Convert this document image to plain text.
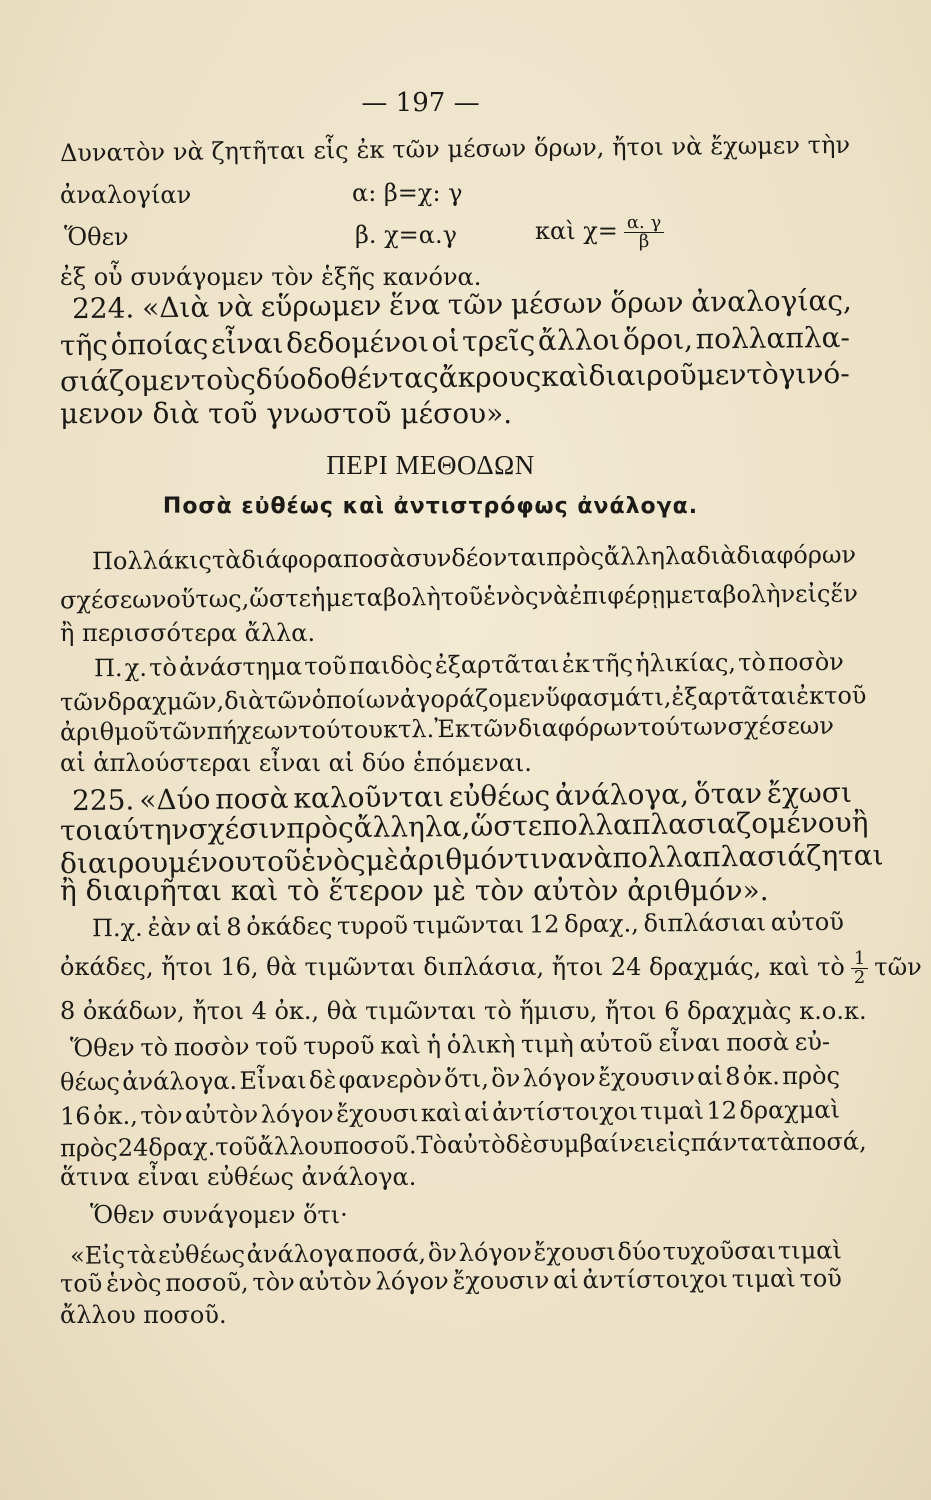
— 197 —
Δυνατὸν νὰ ζητῆται εἷς ἐκ τῶν μέσων ὅρων, ἤτοι νὰ ἔχωμεν τὴν
ἀναλογίαν	α: β=χ: γ
Ὅθεν	β. χ=α.γ	καὶ $\chi= \frac{\alpha. \gamma}{\beta}$
ἐξ οὗ συνάγομεν τὸν ἑξῆς κανόνα.
224. «Διὰ νὰ εὕρωμεν ἕνα τῶν μέσων ὅρων ἀναλογίας,
τῆς ὁποίας εἶναι δεδομένοι οἱ τρεῖς ἄλλοι ὅροι, πολλαπλα-
σιάζομεν τοὺς δύο δοθέντας ἄκρους καὶ διαιροῦμεν τὸ γινό-
μενον διὰ τοῦ γνωστοῦ μέσου».
ΠΕΡΙ ΜΕΘΟΔΩΝ
Ποσὰ εὐθέως καὶ ἀντιστρόφως ἀνάλογα.
Πολλάκις τὰ διάφορα ποσὰ συνδέονται πρὸς ἄλληλα διὰ διαφόρων
σχέσεων οὕτως, ὥστε ἡ μεταβολὴ τοῦ ἑνὸς νὰ ἐπιφέρῃ μεταβολὴν εἰς ἕν
ἢ περισσότερα ἄλλα.
Π. χ. τὸ ἀνάστημα τοῦ παιδὸς ἐξαρτᾶται ἐκ τῆς ἡλικίας, τὸ ποσὸν
τῶν δραχμῶν, διὰ τῶν ὁποίων ἀγοράζομεν ὕφασμά τι, ἐξαρτᾶται ἐκ τοῦ
ἀριθμοῦ τῶν πήχεων τούτου κτλ. Ἐκ τῶν διαφόρων τούτων σχέσεων
αἱ ἁπλούστεραι εἶναι αἱ δύο ἑπόμεναι.
225. «Δύο ποσὰ καλοῦνται εὐθέως ἀνάλογα, ὅταν ἔχωσι
τοιαύτην σχέσιν πρὸς ἄλληλα, ὥστε πολλαπλασιαζομένου ἢ
διαιρουμένου τοῦ ἑνὸς μὲ ἀριθμόν τινα νὰ πολλαπλασιάζηται
ἢ διαιρῆται καὶ τὸ ἕτερον μὲ τὸν αὐτὸν ἀριθμόν».
Π.χ. ἐὰν αἱ 8 ὀκάδες τυροῦ τιμῶνται 12 δραχ., διπλάσιαι αὐτοῦ
ὀκάδες, ἤτοι 16, θὰ τιμῶνται διπλάσια, ἤτοι 24 δραχμάς, καὶ τὸ $\frac{1}{2}$ τῶν
8 ὀκάδων, ἤτοι 4 ὀκ., θὰ τιμῶνται τὸ ἥμισυ, ἤτοι 6 δραχμὰς κ.ο.κ.
Ὅθεν τὸ ποσὸν τοῦ τυροῦ καὶ ἡ ὁλικὴ τιμὴ αὐτοῦ εἶναι ποσὰ εὐ-
θέως ἀνάλογα. Εἶναι δὲ φανερὸν ὅτι, ὃν λόγον ἔχουσιν αἱ 8 ὀκ. πρὸς
16 ὀκ., τὸν αὐτὸν λόγον ἔχουσι καὶ αἱ ἀντίστοιχοι τιμαὶ 12 δραχμαὶ
πρὸς 24 δραχ. τοῦ ἄλλου ποσοῦ.Τὸ αὐτὸ δὲ συμβαίνει εἰς πάντα τὰ ποσά,
ἅτινα εἶναι εὐθέως ἀνάλογα.
Ὅθεν συνάγομεν ὅτι·
«Εἰς τὰ εὐθέως ἀνάλογα ποσά, ὃν λόγον ἔχουσι δύο τυχοῦσαι τιμαὶ
τοῦ ἑνὸς ποσοῦ, τὸν αὐτὸν λόγον ἔχουσιν αἱ ἀντίστοιχοι τιμαὶ τοῦ
ἄλλου ποσοῦ.
